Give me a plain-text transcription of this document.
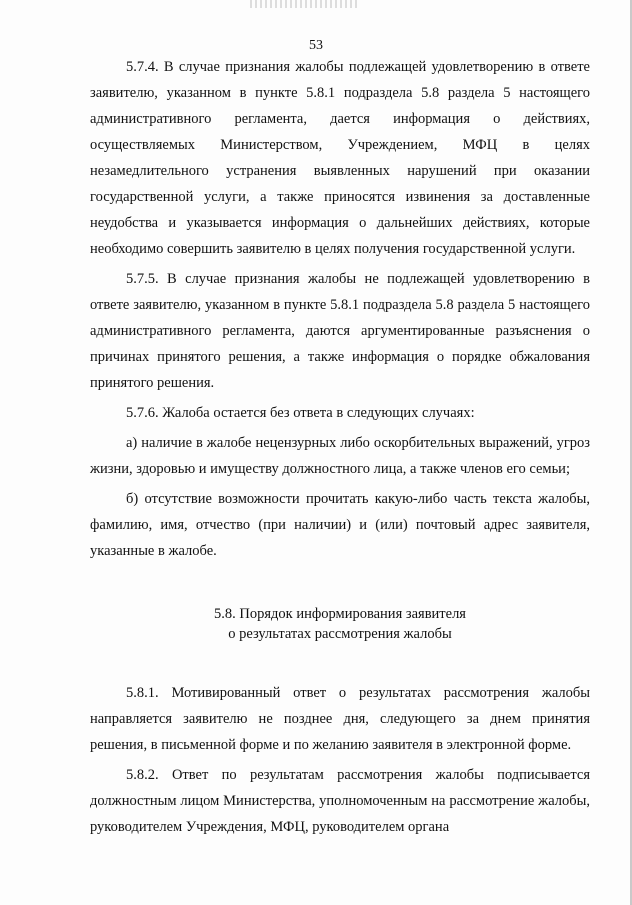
53

5.7.4. В случае признания жалобы подлежащей удовлетворению в ответе заявителю, указанном в пункте 5.8.1 подраздела 5.8 раздела 5 настоящего административного регламента, дается информация о действиях, осуществляемых Министерством, Учреждением, МФЦ в целях незамедлительного устранения выявленных нарушений при оказании государственной услуги, а также приносятся извинения за доставленные неудобства и указывается информация о дальнейших действиях, которые необходимо совершить заявителю в целях получения государственной услуги.

5.7.5. В случае признания жалобы не подлежащей удовлетворению в ответе заявителю, указанном в пункте 5.8.1 подраздела 5.8 раздела 5 настоящего административного регламента, даются аргументированные разъяснения о причинах принятого решения, а также информация о порядке обжалования принятого решения.

5.7.6. Жалоба остается без ответа в следующих случаях:

а) наличие в жалобе нецензурных либо оскорбительных выражений, угроз жизни, здоровью и имуществу должностного лица, а также членов его семьи;

б) отсутствие возможности прочитать какую-либо часть текста жалобы, фамилию, имя, отчество (при наличии) и (или) почтовый адрес заявителя, указанные в жалобе.

5.8. Порядок информирования заявителя
о результатах рассмотрения жалобы

5.8.1. Мотивированный ответ о результатах рассмотрения жалобы направляется заявителю не позднее дня, следующего за днем принятия решения, в письменной форме и по желанию заявителя в электронной форме.

5.8.2. Ответ по результатам рассмотрения жалобы подписывается должностным лицом Министерства, уполномоченным на рассмотрение жалобы, руководителем Учреждения, МФЦ, руководителем органа
